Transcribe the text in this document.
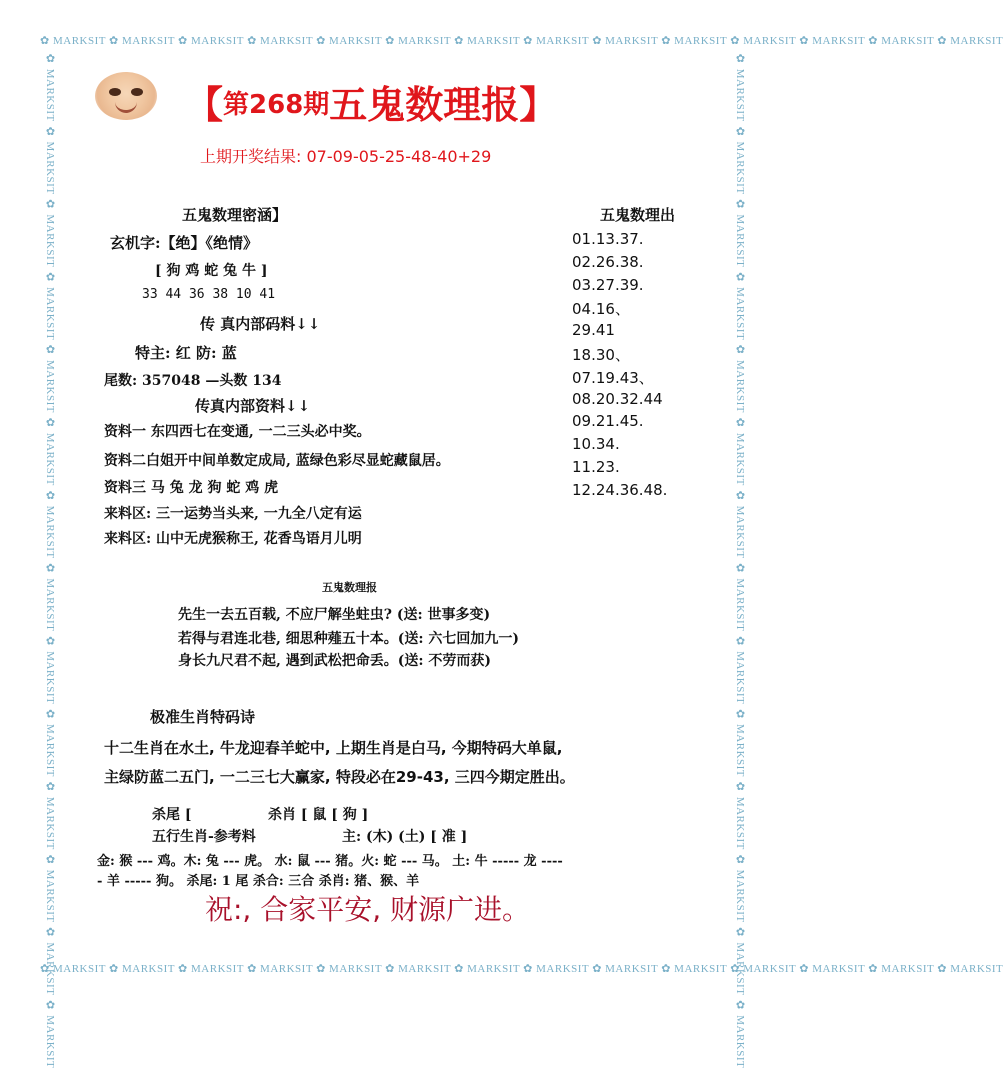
✿ MARKSIT ✿ MARKSIT ✿ MARKSIT ✿ MARKSIT ✿ MARKSIT ✿ MARKSIT ✿ MARKSIT ✿ MARKSIT ✿ MARKSIT ✿ MARKSIT ✿ MARKSIT ✿ MARKSIT ✿ MARKSIT ✿ MARKSIT
✿ MARKSIT ✿ MARKSIT ✿ MARKSIT ✿ MARKSIT ✿ MARKSIT ✿ MARKSIT ✿ MARKSIT ✿ MARKSIT ✿ MARKSIT ✿ MARKSIT ✿ MARKSIT ✿ MARKSIT ✿ MARKSIT ✿ MARKSIT
✿ MARKSIT ✿ MARKSIT ✿ MARKSIT ✿ MARKSIT ✿ MARKSIT ✿ MARKSIT ✿ MARKSIT ✿ MARKSIT ✿ MARKSIT ✿ MARKSIT ✿ MARKSIT ✿ MARKSIT ✿ MARKSIT ✿ MARKSIT	✿ MARKSIT ✿ MARKSIT ✿ MARKSIT ✿ MARKSIT ✿ MARKSIT ✿ MARKSIT ✿ MARKSIT ✿ MARKSIT ✿ MARKSIT ✿ MARKSIT ✿ MARKSIT ✿ MARKSIT ✿ MARKSIT ✿ MARKSIT
【第268期五鬼数理报】
上期开奖结果: 07-09-05-25-48-40+29
五鬼数理密涵】
玄机字:【绝】《绝情》
[ 狗 鸡 蛇 兔 牛 ]
33 44 36 38 10 41
传 真内部码料↓↓
特主: 红 防: 蓝
尾数: 357048 —头数 134
传真内部资料↓↓
资料一 东四西七在变通, 一二三头必中奖。
资料二白姐开中间单数定成局, 蓝绿色彩尽显蛇藏鼠居。
资料三 马 兔 龙 狗 蛇 鸡 虎
来料区: 三一运势当头来, 一九全八定有运
来料区: 山中无虎猴称王, 花香鸟语月儿明
五鬼数理出
01.13.37.
02.26.38.
03.27.39.
04.16、
29.41
18.30、
07.19.43、
08.20.32.44
09.21.45.
10.34.
11.23.
12.24.36.48.
五鬼数理报
先生一去五百载, 不应尸解坐蛀虫? (送: 世事多变)
若得与君连北巷, 细思种薤五十本。(送: 六七回加九一)
身长九尺君不起, 遇到武松把命丢。(送: 不劳而获)
极准生肖特码诗
十二生肖在水土, 牛龙迎春羊蛇中, 上期生肖是白马, 今期特码大单鼠,
主绿防蓝二五门, 一二三七大赢家, 特段必在29-43, 三四今期定胜出。
杀尾 [	杀肖 [ 鼠 [ 狗 ]
五行生肖-参考料	主: (木) (土) [ 准 ]
金: 猴 --- 鸡。木: 兔 --- 虎。 水: 鼠 --- 猪。火: 蛇 --- 马。 土: 牛 ----- 龙 ----
- 羊 ----- 狗。 杀尾: 1 尾 杀合: 三合 杀肖: 猪、猴、羊
祝:, 合家平安, 财源广进。
